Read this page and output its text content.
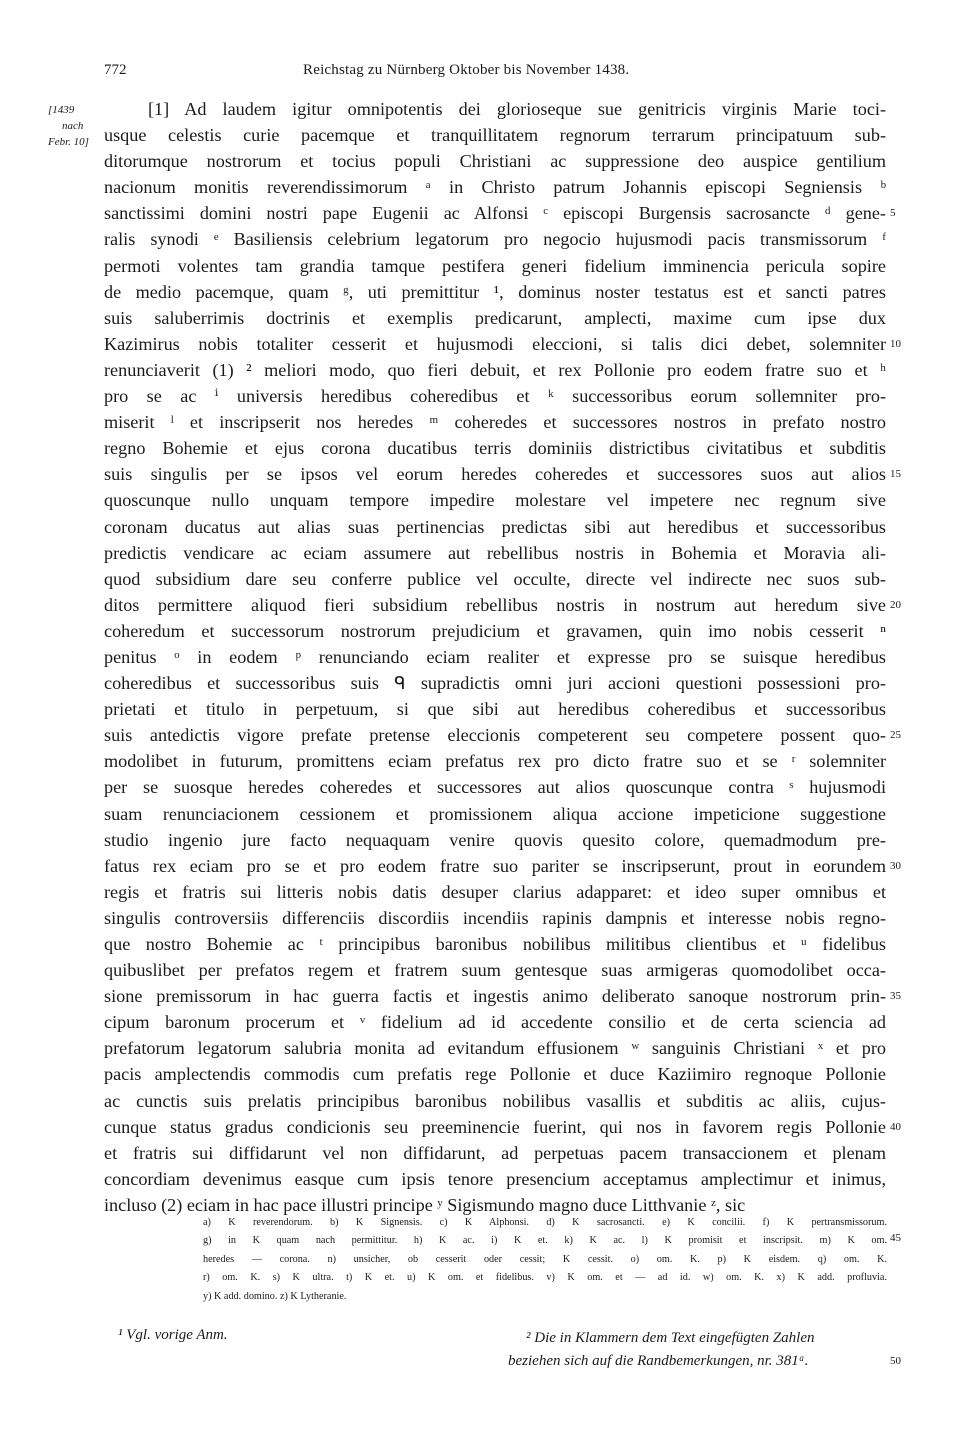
772	Reichstag zu Nürnberg Oktober bis November 1438.
[1439
nach
Febr. 10]
[1] Ad laudem igitur omnipotentis dei glorioseque sue genitricis virginis Marie toci-
usque celestis curie pacemque et tranquillitatem regnorum terrarum principatuum sub-
ditorumque nostrorum et tocius populi Christiani ac suppressione deo auspice gentilium
nacionum monitis reverendissimorum ᵃ in Christo patrum Johannis episcopi Segniensis ᵇ
sanctissimi domini nostri pape Eugenii ac Alfonsi ᶜ episcopi Burgensis sacrosancte ᵈ gene-
ralis synodi ᵉ Basiliensis celebrium legatorum pro negocio hujusmodi pacis transmissorum ᶠ
permoti volentes tam grandia tamque pestifera generi fidelium imminencia pericula sopire
de medio pacemque, quam ᵍ, uti premittitur ¹, dominus noster testatus est et sancti patres
suis saluberrimis doctrinis et exemplis predicarunt, amplecti, maxime cum ipse dux
Kazimirus nobis totaliter cesserit et hujusmodi eleccioni, si talis dici debet, solemniter
renunciaverit (1) ² meliori modo, quo fieri debuit, et rex Pollonie pro eodem fratre suo et ʰ
pro se ac ⁱ universis heredibus coheredibus et ᵏ successoribus eorum sollemniter pro-
miserit ˡ et inscripserit nos heredes ᵐ coheredes et successores nostros in prefato nostro
regno Bohemie et ejus corona ducatibus terris dominiis districtibus civitatibus et subditis
suis singulis per se ipsos vel eorum heredes coheredes et successores suos aut alios
quoscunque nullo unquam tempore impedire molestare vel impetere nec regnum sive
coronam ducatus aut alias suas pertinencias predictas sibi aut heredibus et successoribus
predictis vendicare ac eciam assumere aut rebellibus nostris in Bohemia et Moravia ali-
quod subsidium dare seu conferre publice vel occulte, directe vel indirecte nec suos sub-
ditos permittere aliquod fieri subsidium rebellibus nostris in nostrum aut heredum sive
coheredum et successorum nostrorum prejudicium et gravamen, quin imo nobis cesserit ⁿ
penitus ᵒ in eodem ᵖ renunciando eciam realiter et expresse pro se suisque heredibus
coheredibus et successoribus suis ᑫ supradictis omni juri accioni questioni possessioni pro-
prietati et titulo in perpetuum, si que sibi aut heredibus coheredibus et successoribus
suis antedictis vigore prefate pretense eleccionis competerent seu competere possent quo-
modolibet in futurum, promittens eciam prefatus rex pro dicto fratre suo et se ʳ solemniter
per se suosque heredes coheredes et successores aut alios quoscunque contra ˢ hujusmodi
suam renunciacionem cessionem et promissionem aliqua accione impeticione suggestione
studio ingenio jure facto nequaquam venire quovis quesito colore, quemadmodum pre-
fatus rex eciam pro se et pro eodem fratre suo pariter se inscripserunt, prout in eorundem
regis et fratris sui litteris nobis datis desuper clarius adapparet: et ideo super omnibus et
singulis controversiis differenciis discordiis incendiis rapinis dampnis et interesse nobis regno-
que nostro Bohemie ac ᵗ principibus baronibus nobilibus militibus clientibus et ᵘ fidelibus
quibuslibet per prefatos regem et fratrem suum gentesque suas armigeras quomodolibet occa-
sione premissorum in hac guerra factis et ingestis animo deliberato sanoque nostrorum prin-
cipum baronum procerum et ᵛ fidelium ad id accedente consilio et de certa sciencia ad
prefatorum legatorum salubria monita ad evitandum effusionem ʷ sanguinis Christiani ˣ et pro
pacis amplectendis commodis cum prefatis rege Pollonie et duce Kaziimiro regnoque Pollonie
ac cunctis suis prelatis principibus baronibus nobilibus vasallis et subditis ac aliis, cujus-
cunque status gradus condicionis seu preeminencie fuerint, qui nos in favorem regis Pollonie
et fratris sui diffidarunt vel non diffidarunt, ad perpetuas pacem transaccionem et plenam
concordiam devenimus easque cum ipsis tenore presencium acceptamus amplectimur et inimus,
incluso (2) eciam in hac pace illustri principe ʸ Sigismundo magno duce Litthvanie ᶻ, sic
5
10
15
20
25
30
35
40
a) K reverendorum. b) K Signensis. c) K Alphonsi. d) K sacrosancti. e) K concilii. f) K pertransmissorum.
g) in K quam nach permittitur. h) K ac. i) K et. k) K ac. l) K promisit et inscripsit. m) K om.
heredes — corona. n) unsicher, ob cesserit oder cessit; K cessit. o) om. K. p) K eisdem. q) om. K.
r) om. K. s) K ultra. t) K et. u) K om. et fidelibus. v) K om. et — ad id. w) om. K. x) K add. profluvia.
y) K add. domino. z) K Lytheranie.
45
¹ Vgl. vorige Anm.	² Die in Klammern dem Text eingefügten Zahlen
beziehen sich auf die Randbemerkungen, nr. 381ᵃ.	50
